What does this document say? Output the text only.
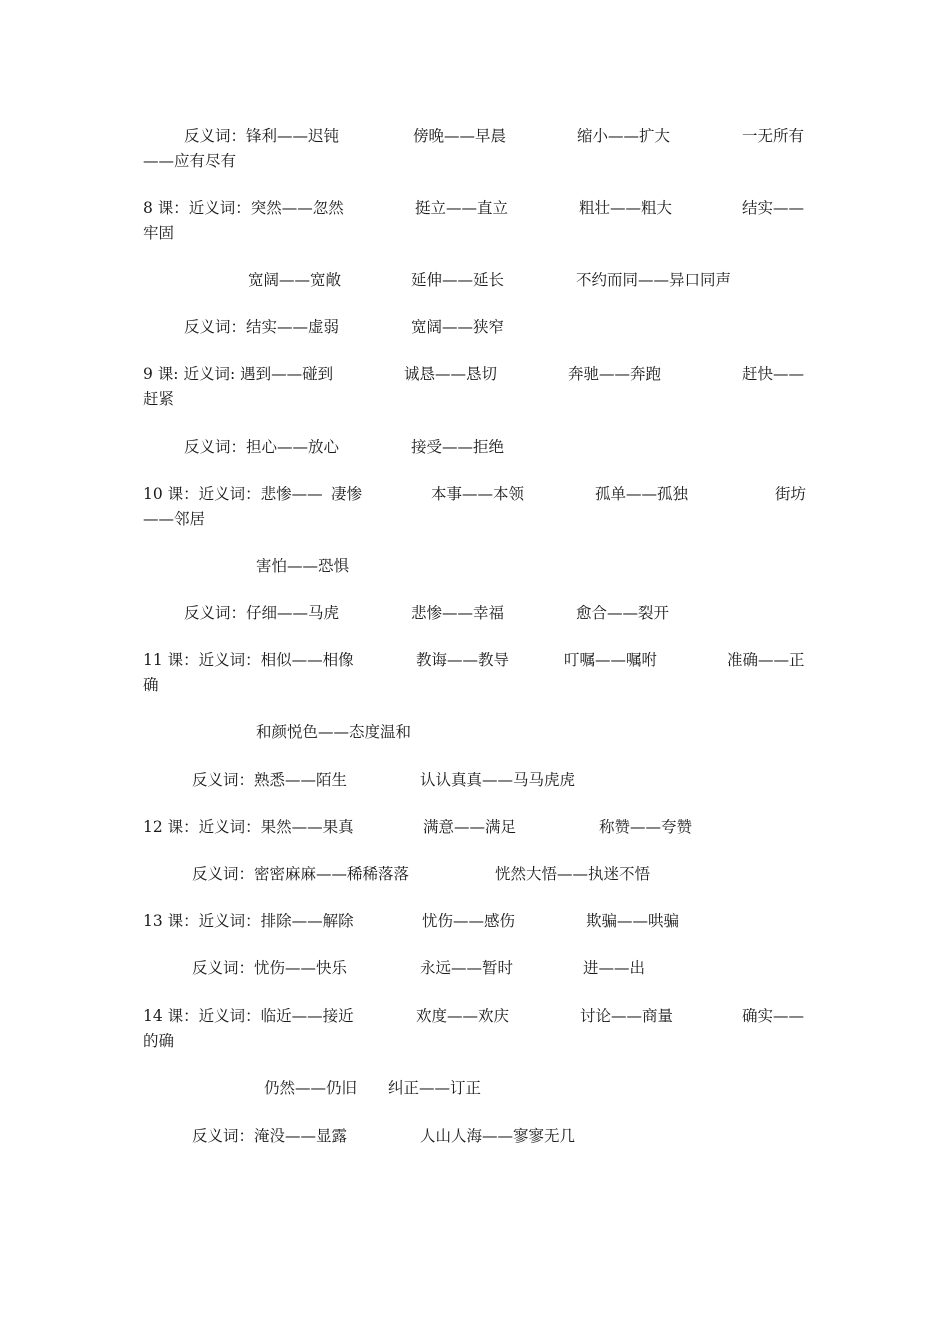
反义词：锋利——迟钝	傍晚——早晨	缩小——扩大	一无所有
——应有尽有
8 课：近义词：突然——忽然	挺立——直立	粗壮——粗大	结实——
牢固
宽阔——宽敞	延伸——延长	不约而同——异口同声
反义词：结实——虚弱	宽阔——狭窄
9 课: 近义词: 遇到——碰到	诚恳——恳切	奔驰——奔跑	赶快——
赶紧
反义词：担心——放心	接受——拒绝
10 课：近义词：悲惨—— 凄惨	本事——本领	孤单——孤独	街坊
——邻居
害怕——恐惧
反义词：仔细——马虎	悲惨——幸福	愈合——裂开
11 课：近义词：相似——相像	教诲——教导	叮嘱——嘱咐	准确——正
确
和颜悦色——态度温和
反义词：熟悉——陌生	认认真真——马马虎虎
12 课：近义词：果然——果真	满意——满足	称赞——夸赞
反义词：密密麻麻——稀稀落落	恍然大悟——执迷不悟
13 课：近义词：排除——解除	忧伤——感伤	欺骗——哄骗
反义词：忧伤——快乐	永远——暂时	进——出
14 课：近义词：临近——接近	欢度——欢庆	讨论——商量	确实——
的确
仍然——仍旧 纠正——订正
反义词：淹没——显露	人山人海——寥寥无几
